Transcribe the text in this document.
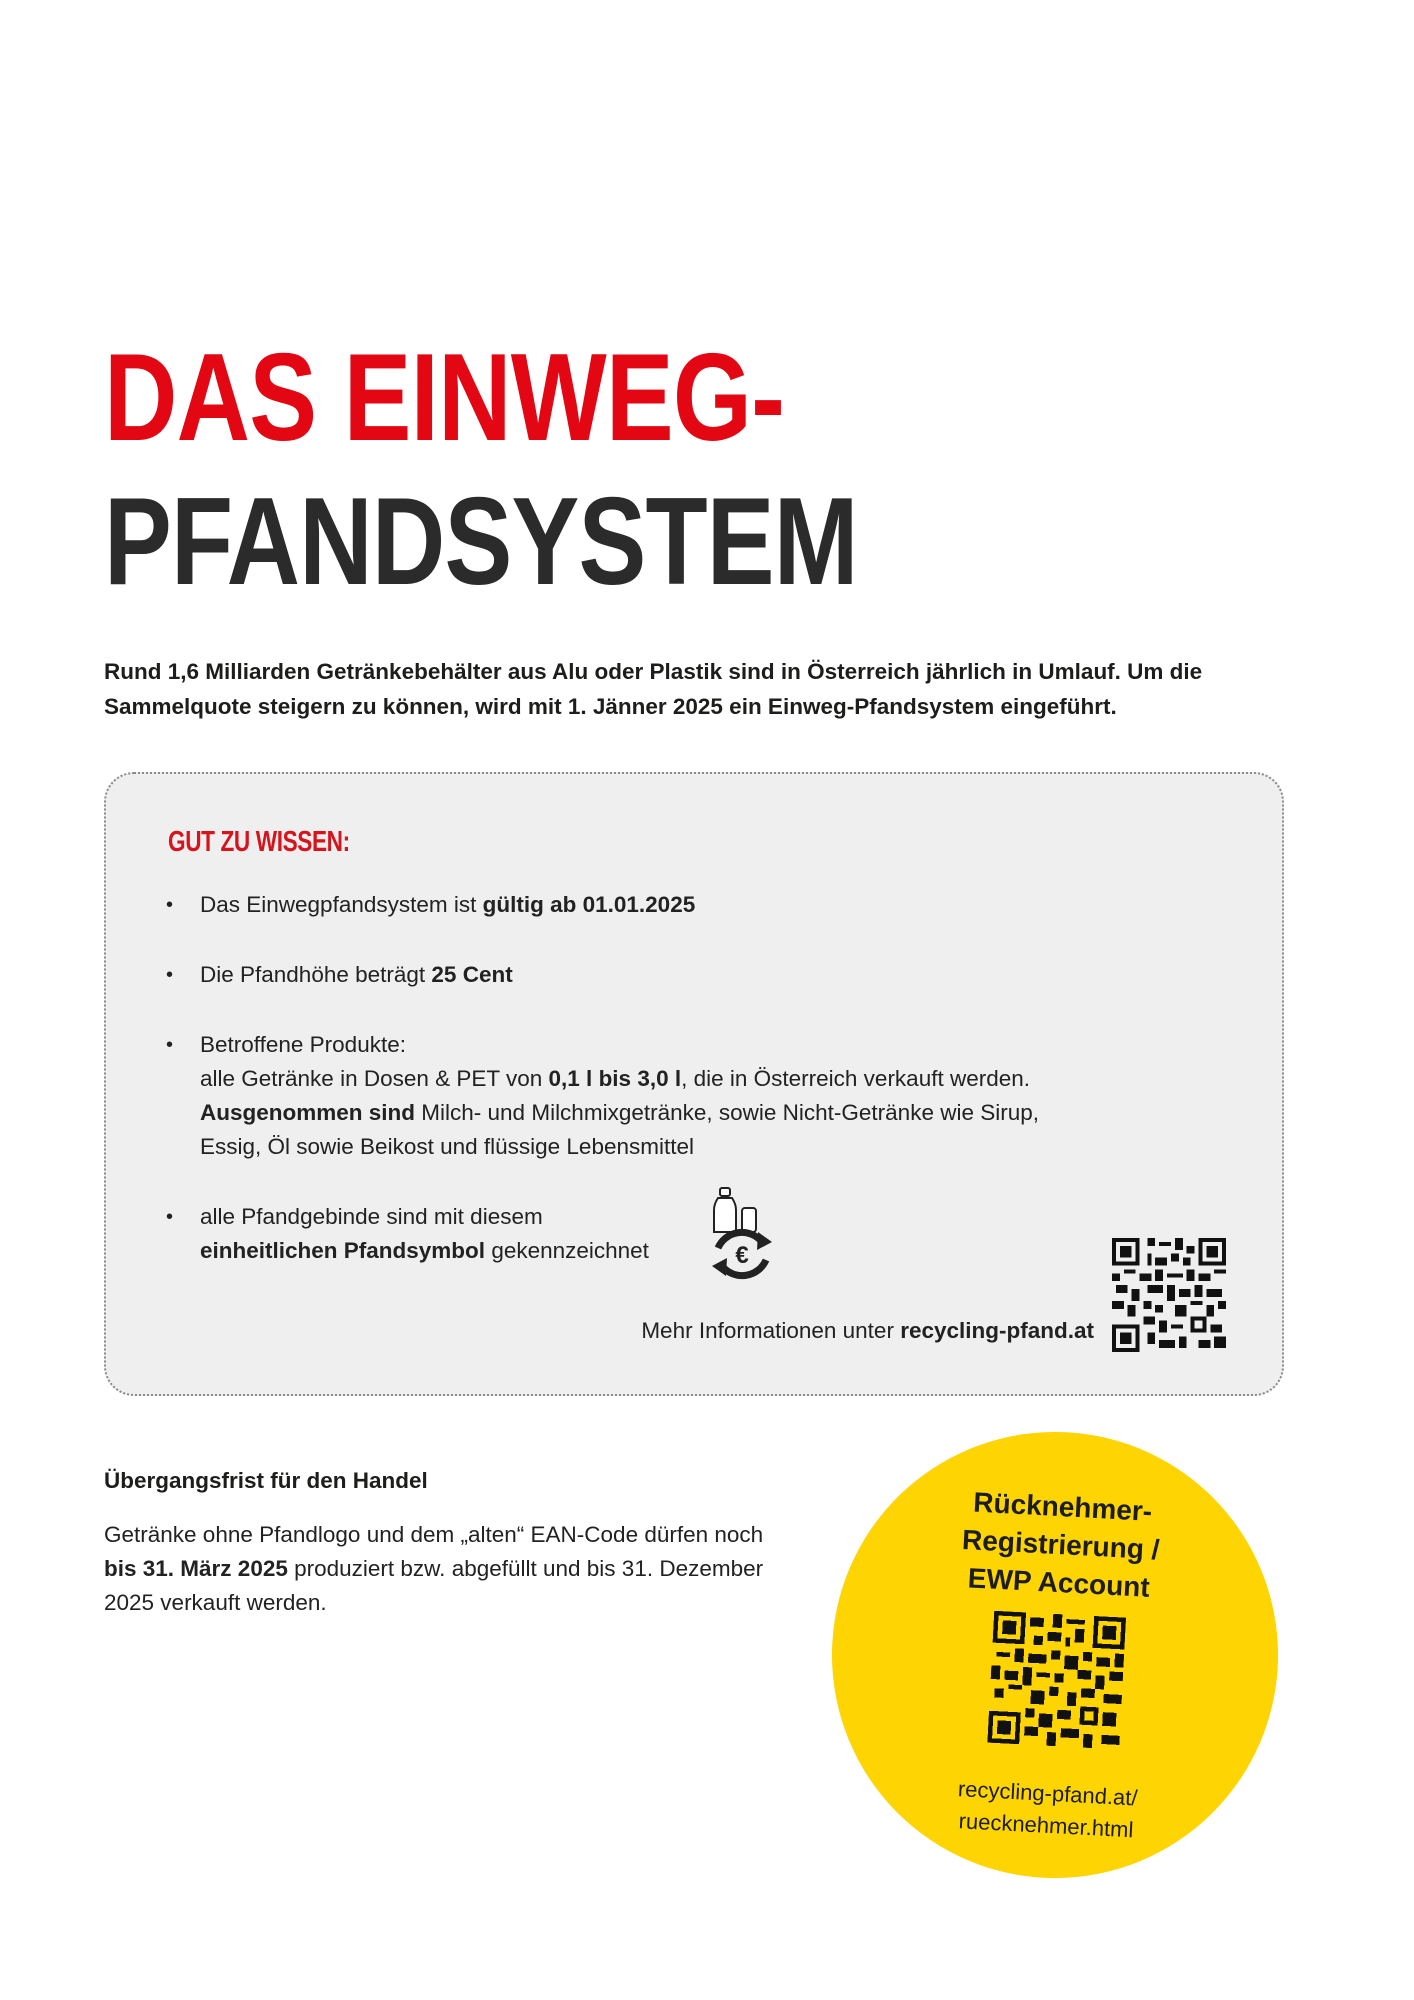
DAS EINWEG-
PFANDSYSTEM

Rund 1,6 Milliarden Getränkebehälter aus Alu oder Plastik sind in Österreich jährlich in Umlauf. Um die Sammelquote steigern zu können, wird mit 1. Jänner 2025 ein Einweg-Pfandsystem eingeführt.

GUT ZU WISSEN:
•	Das Einwegpfandsystem ist gültig ab 01.01.2025
•	Die Pfandhöhe beträgt 25 Cent
•	Betroffene Produkte:
alle Getränke in Dosen & PET von 0,1 l bis 3,0 l, die in Österreich verkauft werden.
Ausgenommen sind Milch- und Milchmixgetränke, sowie Nicht-Getränke wie Sirup,
Essig, Öl sowie Beikost und flüssige Lebensmittel
•	alle Pfandgebinde sind mit diesem
einheitlichen Pfandsymbol gekennzeichnet	€

Mehr Informationen unter recycling-pfand.at

Übergangsfrist für den Handel

Getränke ohne Pfandlogo und dem „alten“ EAN-Code dürfen noch bis 31. März 2025 produziert bzw. abgefüllt und bis 31. Dezember 2025 verkauft werden.

Rücknehmer-
Registrierung /
EWP Account

recycling-pfand.at/
ruecknehmer.html
